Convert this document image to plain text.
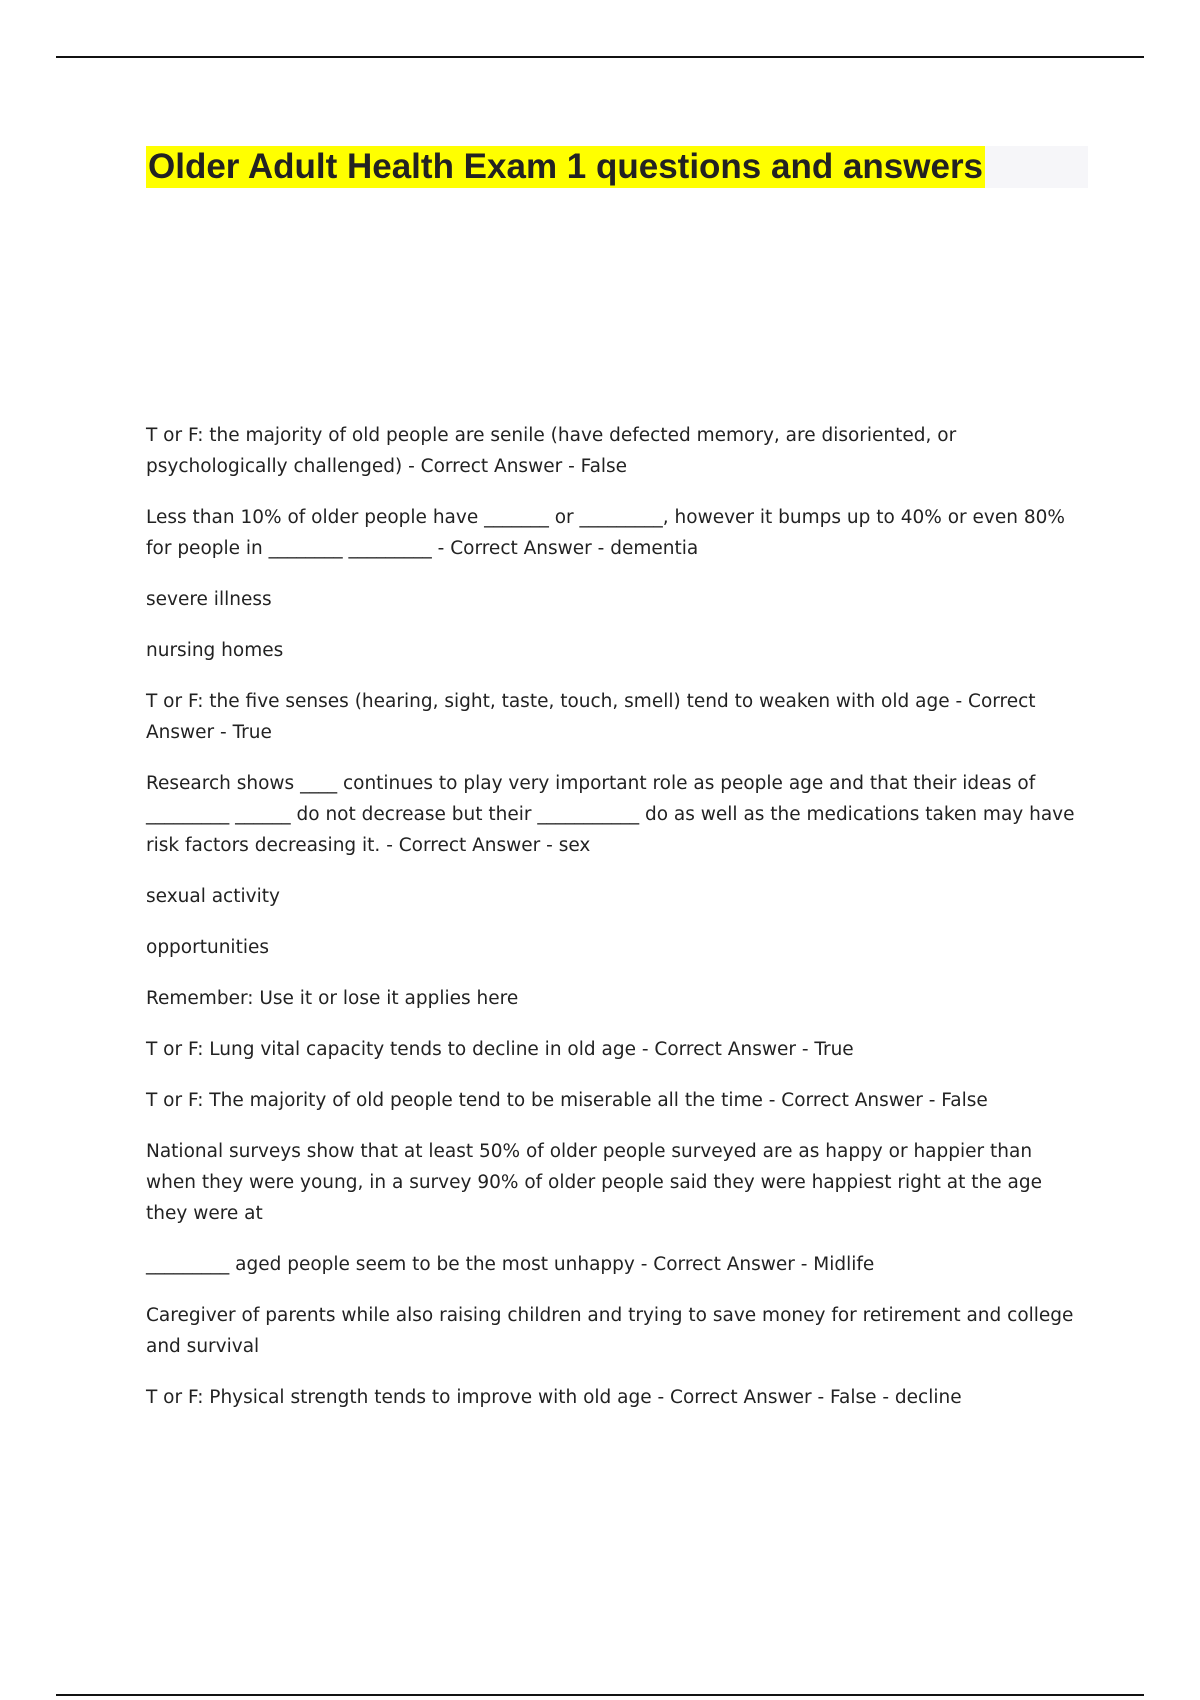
Older Adult Health Exam 1 questions and answers

T or F: the majority of old people are senile (have defected memory, are disoriented, or psychologically challenged) - Correct Answer - False

Less than 10% of older people have _______ or _________, however it bumps up to 40% or even 80% for people in ________ _________ - Correct Answer - dementia

severe illness

nursing homes

T or F: the five senses (hearing, sight, taste, touch, smell) tend to weaken with old age - Correct Answer - True

Research shows ____ continues to play very important role as people age and that their ideas of _________ ______ do not decrease but their ___________ do as well as the medications taken may have risk factors decreasing it. - Correct Answer - sex

sexual activity

opportunities

Remember: Use it or lose it applies here

T or F: Lung vital capacity tends to decline in old age - Correct Answer - True

T or F: The majority of old people tend to be miserable all the time - Correct Answer - False

National surveys show that at least 50% of older people surveyed are as happy or happier than when they were young, in a survey 90% of older people said they were happiest right at the age they were at

_________ aged people seem to be the most unhappy - Correct Answer - Midlife

Caregiver of parents while also raising children and trying to save money for retirement and college and survival

T or F: Physical strength tends to improve with old age - Correct Answer - False - decline
